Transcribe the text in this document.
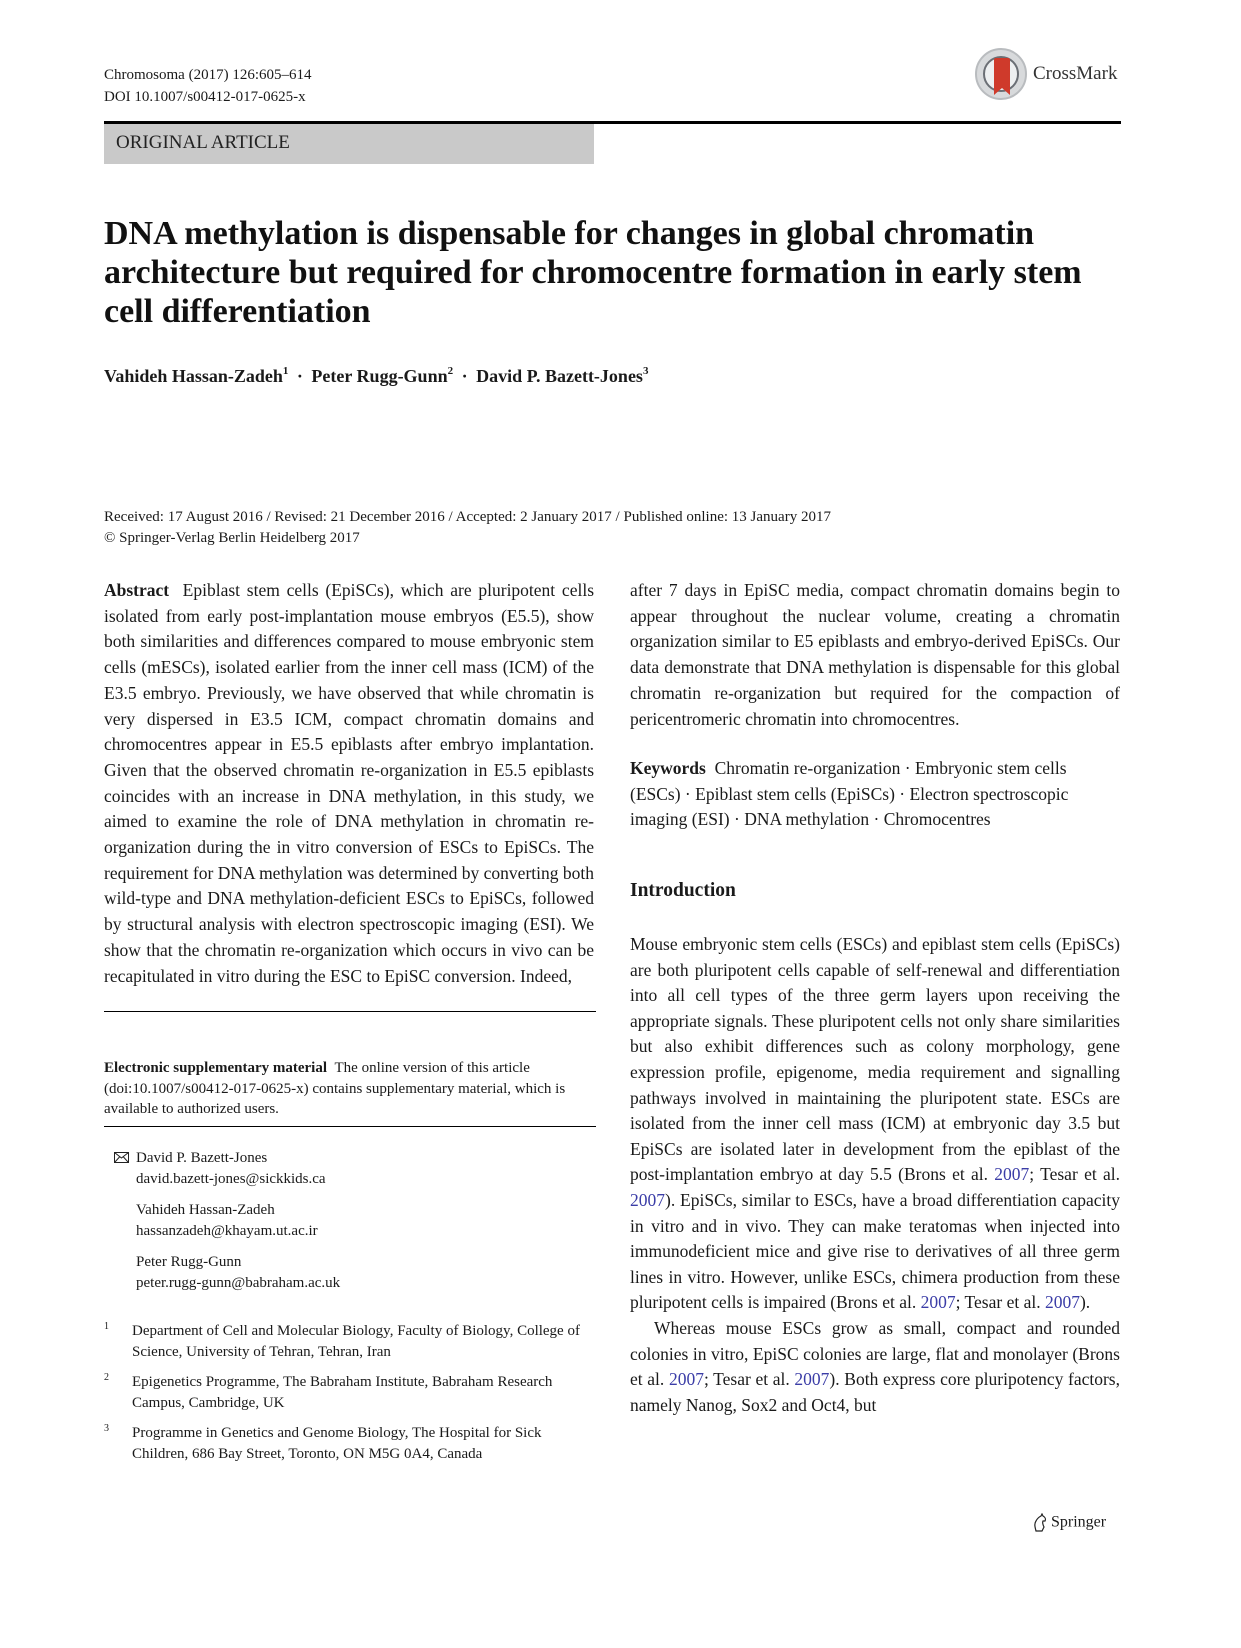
Chromosoma (2017) 126:605–614
DOI 10.1007/s00412-017-0625-x
CrossMark
ORIGINAL ARTICLE
DNA methylation is dispensable for changes in global chromatin architecture but required for chromocentre formation in early stem cell differentiation
Vahideh Hassan-Zadeh$^1$ · Peter Rugg-Gunn$^2$ · David P. Bazett-Jones$^3$
Received: 17 August 2016 / Revised: 21 December 2016 / Accepted: 2 January 2017 / Published online: 13 January 2017
© Springer-Verlag Berlin Heidelberg 2017

Abstract Epiblast stem cells (EpiSCs), which are pluripotent cells isolated from early post-implantation mouse embryos (E5.5), show both similarities and differences compared to mouse embryonic stem cells (mESCs), isolated earlier from the inner cell mass (ICM) of the E3.5 embryo. Previously, we have observed that while chromatin is very dispersed in E3.5 ICM, compact chromatin domains and chromocentres appear in E5.5 epiblasts after embryo implantation. Given that the observed chromatin re-organization in E5.5 epiblasts coincides with an increase in DNA methylation, in this study, we aimed to examine the role of DNA methylation in chromatin re-organization during the in vitro conversion of ESCs to EpiSCs. The requirement for DNA methylation was determined by converting both wild-type and DNA methylation-deficient ESCs to EpiSCs, followed by structural analysis with electron spectroscopic imaging (ESI). We show that the chromatin re-organization which occurs in vivo can be recapitulated in vitro during the ESC to EpiSC conversion. Indeed,

after 7 days in EpiSC media, compact chromatin domains begin to appear throughout the nuclear volume, creating a chromatin organization similar to E5 epiblasts and embryo-derived EpiSCs. Our data demonstrate that DNA methylation is dispensable for this global chromatin re-organization but required for the compaction of pericentromeric chromatin into chromocentres.

Keywords Chromatin re-organization · Embryonic stem cells (ESCs) · Epiblast stem cells (EpiSCs) · Electron spectroscopic imaging (ESI) · DNA methylation · Chromocentres
Introduction

Mouse embryonic stem cells (ESCs) and epiblast stem cells (EpiSCs) are both pluripotent cells capable of self-renewal and differentiation into all cell types of the three germ layers upon receiving the appropriate signals. These pluripotent cells not only share similarities but also exhibit differences such as colony morphology, gene expression profile, epigenome, media requirement and signalling pathways involved in maintaining the pluripotent state. ESCs are isolated from the inner cell mass (ICM) at embryonic day 3.5 but EpiSCs are isolated later in development from the epiblast of the post-implantation embryo at day 5.5 (Brons et al. 2007; Tesar et al. 2007). EpiSCs, similar to ESCs, have a broad differentiation capacity in vitro and in vivo. They can make teratomas when injected into immunodeficient mice and give rise to derivatives of all three germ lines in vitro. However, unlike ESCs, chimera production from these pluripotent cells is impaired (Brons et al. 2007; Tesar et al. 2007).

Whereas mouse ESCs grow as small, compact and rounded colonies in vitro, EpiSC colonies are large, flat and monolayer (Brons et al. 2007; Tesar et al. 2007). Both express core pluripotency factors, namely Nanog, Sox2 and Oct4, but

Electronic supplementary material The online version of this article (doi:10.1007/s00412-017-0625-x) contains supplementary material, which is available to authorized users.
David P. Bazett-Jones
david.bazett-jones@sickkids.ca
Vahideh Hassan-Zadeh
hassanzadeh@khayam.ut.ac.ir
Peter Rugg-Gunn
peter.rugg-gunn@babraham.ac.uk
1 Department of Cell and Molecular Biology, Faculty of Biology, College of Science, University of Tehran, Tehran, Iran
2 Epigenetics Programme, The Babraham Institute, Babraham Research Campus, Cambridge, UK
3 Programme in Genetics and Genome Biology, The Hospital for Sick Children, 686 Bay Street, Toronto, ON M5G 0A4, Canada
Springer
